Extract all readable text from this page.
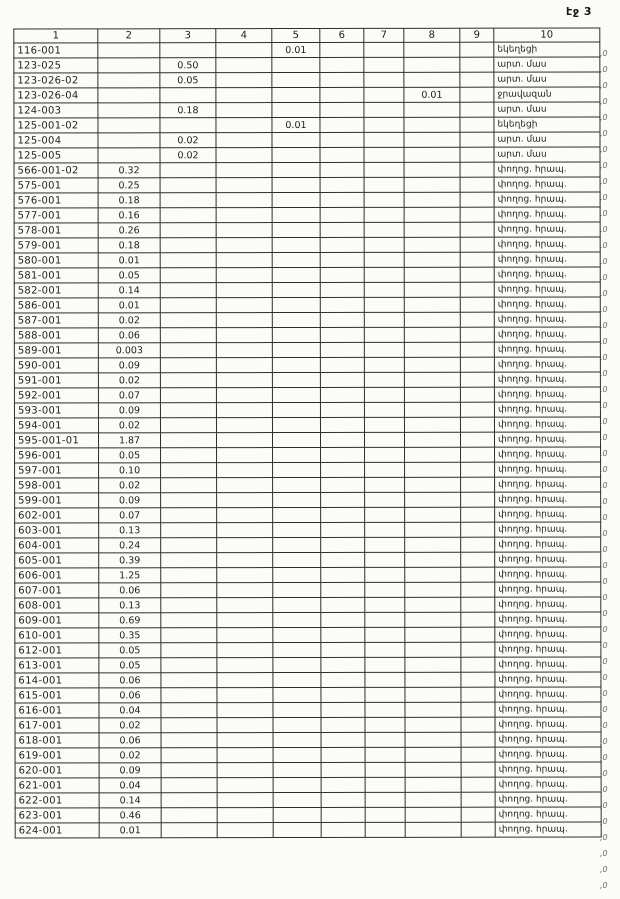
էջ 3
1	2	3	4	5	6	7	8	9	10
116-001				0.01					եկեղեցի
123-025		0.50							արտ. մաս
123-026-02		0.05							արտ. մաս
123-026-04							0.01		ջրավազան
124-003		0.18							արտ. մաս
125-001-02				0.01					եկեղեցի
125-004		0.02							արտ. մաս
125-005		0.02							արտ. մաս
566-001-02	0.32								փողոց. հրապ.
575-001	0.25								փողոց. հրապ.
576-001	0.18								փողոց. հրապ.
577-001	0.16								փողոց. հրապ.
578-001	0.26								փողոց. հրապ.
579-001	0.18								փողոց. հրապ.
580-001	0.01								փողոց. հրապ.
581-001	0.05								փողոց. հրապ.
582-001	0.14								փողոց. հրապ.
586-001	0.01								փողոց. հրապ.
587-001	0.02								փողոց. հրապ.
588-001	0.06								փողոց. հրապ.
589-001	0.003								փողոց. հրապ.
590-001	0.09								փողոց. հրապ.
591-001	0.02								փողոց. հրապ.
592-001	0.07								փողոց. հրապ.
593-001	0.09								փողոց. հրապ.
594-001	0.02								փողոց. հրապ.
595-001-01	1.87								փողոց. հրապ.
596-001	0.05								փողոց. հրապ.
597-001	0.10								փողոց. հրապ.
598-001	0.02								փողոց. հրապ.
599-001	0.09								փողոց. հրապ.
602-001	0.07								փողոց. հրապ.
603-001	0.13								փողոց. հրապ.
604-001	0.24								փողոց. հրապ.
605-001	0.39								փողոց. հրապ.
606-001	1.25								փողոց. հրապ.
607-001	0.06								փողոց. հրապ.
608-001	0.13								փողոց. հրապ.
609-001	0.69								փողոց. հրապ.
610-001	0.35								փողոց. հրապ.
612-001	0.05								փողոց. հրապ.
613-001	0.05								փողոց. հրապ.
614-001	0.06								փողոց. հրապ.
615-001	0.06								փողոց. հրապ.
616-001	0.04								փողոց. հրապ.
617-001	0.02								փողոց. հրապ.
618-001	0.06								փողոց. հրապ.
619-001	0.02								փողոց. հրապ.
620-001	0.09								փողոց. հրապ.
621-001	0.04								փողոց. հրապ.
622-001	0.14								փողոց. հրապ.
623-001	0.46								փողոց. հրապ.
624-001	0.01								փողոց. հրապ.
,0
,0
,0
,0
,0
,0
,0
,0
,0
,0
,0
,0
,0
,0
,0
,0
,0
,0
,0
,0
,0
,0
,0
,0
,0
,0
,0
,0
,0
,0
,0
,0
,0
,0
,0
,0
,0
,0
,0
,0
,0
,0
,0
,0
,0
,0
,0
,0
,0
,0
,0
,0
,0
